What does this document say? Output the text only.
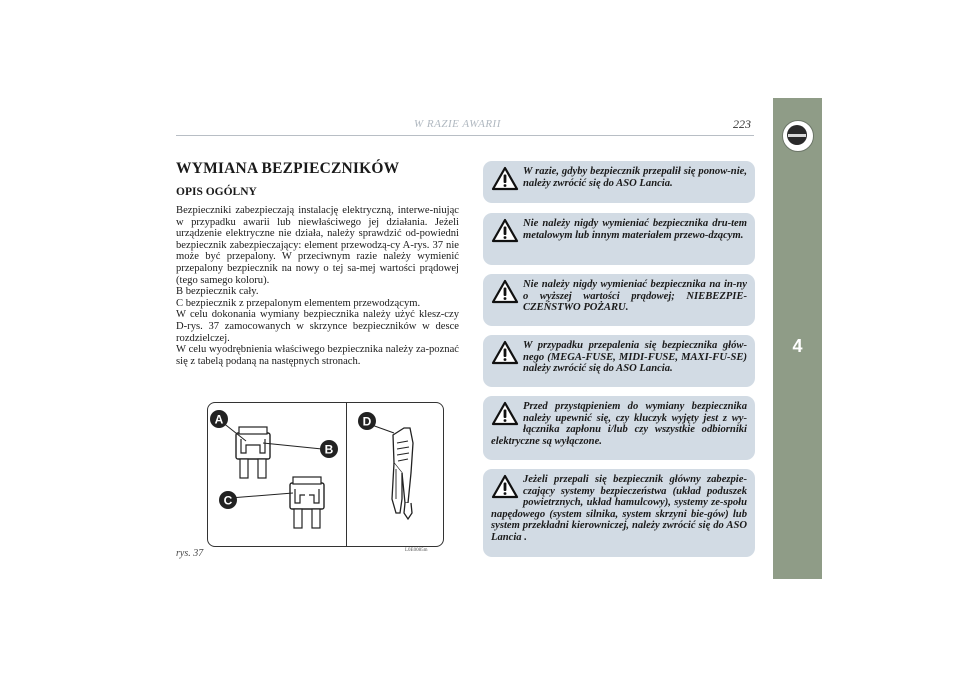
W RAZIE AWARII	223
4
WYMIANA BEZPIECZNIKÓW
OPIS OGÓLNY

Bezpieczniki zabezpieczają instalację elektryczną, interwe-niując w przypadku awarii lub niewłaściwego jej działania. Jeżeli urządzenie elektryczne nie działa, należy sprawdzić od-powiedni bezpiecznik zabezpieczający: element przewodzą-cy A-rys. 37 nie może być przepalony. W przeciwnym razie należy wymienić przepalony bezpiecznik na nowy o tej sa-mej wartości prądowej (tego samego koloru).

B bezpiecznik cały.

C bezpiecznik z przepalonym elementem przewodzącym.

W celu dokonania wymiany bezpiecznika należy użyć klesz-czy D-rys. 37 zamocowanych w skrzynce bezpieczników w desce rozdzielczej.

W celu wyodrębnienia właściwego bezpiecznika należy za-poznać się z tabelą podaną na następnych stronach.

A
B
C
D
rys. 37	L0E0085m

W razie, gdyby bezpiecznik przepalił się ponow-nie, należy zwrócić się do ASO Lancia.

Nie należy nigdy wymieniać bezpiecznika dru-tem metalowym lub innym materiałem przewo-dzącym.

Nie należy nigdy wymieniać bezpiecznika na in-ny o wyższej wartości prądowej; NIEBEZPIE-CZEŃSTWO POŻARU.

W przypadku przepalenia się bezpiecznika głów-nego (MEGA-FUSE, MIDI-FUSE, MAXI-FU-SE) należy zwrócić się do ASO Lancia.

Przed przystąpieniem do wymiany bezpiecznika należy upewnić się, czy kluczyk wyjęty jest z wy-łącznika zapłonu i/lub czy wszystkie odbiorniki elektryczne są wyłączone.

Jeżeli przepali się bezpiecznik główny zabezpie-czający systemy bezpieczeństwa (układ poduszek powietrznych, układ hamulcowy), systemy ze-społu napędowego (system silnika, system skrzyni bie-gów) lub system przekładni kierowniczej, należy zwrócić się do ASO Lancia .
